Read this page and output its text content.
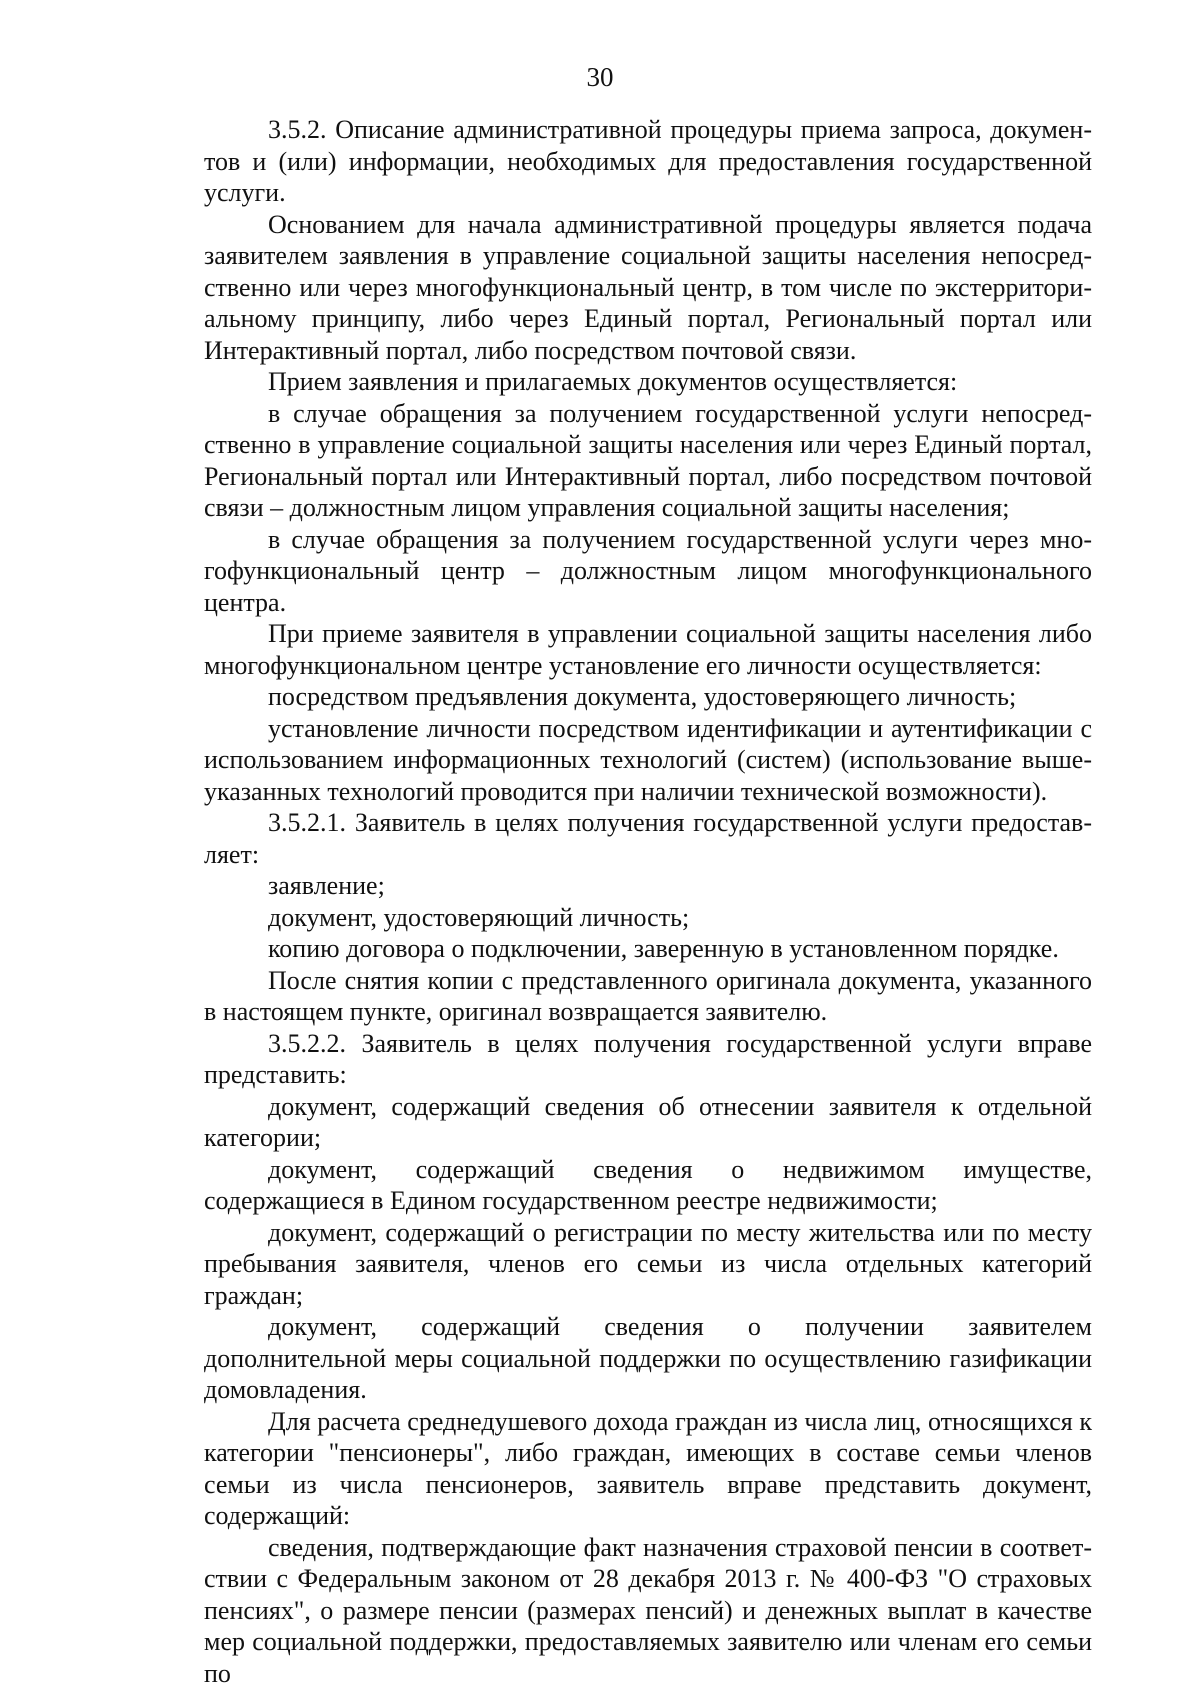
30

3.5.2. Описание административной процедуры приема запроса, документов и (или) информации, необходимых для предоставления государственной услуги.

Основанием для начала административной процедуры является подача заявителем заявления в управление социальной защиты населения непосредственно или через многофункциональный центр, в том числе по экстерриториальному принципу, либо через Единый портал, Региональный портал или Интерактивный портал, либо посредством почтовой связи.

Прием заявления и прилагаемых документов осуществляется:

в случае обращения за получением государственной услуги непосредственно в управление социальной защиты населения или через Единый портал, Региональный портал или Интерактивный портал, либо посредством почтовой связи – должностным лицом управления социальной защиты населения;

в случае обращения за получением государственной услуги через многофункциональный центр – должностным лицом многофункционального центра.

При приеме заявителя в управлении социальной защиты населения либо многофункциональном центре установление его личности осуществляется:

посредством предъявления документа, удостоверяющего личность;

установление личности посредством идентификации и аутентификации с использованием информационных технологий (систем) (использование вышеуказанных технологий проводится при наличии технической возможности).

3.5.2.1. Заявитель в целях получения государственной услуги предоставляет:

заявление;

документ, удостоверяющий личность;

копию договора о подключении, заверенную в установленном порядке.

После снятия копии с представленного оригинала документа, указанного в настоящем пункте, оригинал возвращается заявителю.

3.5.2.2. Заявитель в целях получения государственной услуги вправе представить:

документ, содержащий сведения об отнесении заявителя к отдельной категории;

документ, содержащий сведения о недвижимом имуществе, содержащиеся в Едином государственном реестре недвижимости;

документ, содержащий о регистрации по месту жительства или по месту пребывания заявителя, членов его семьи из числа отдельных категорий граждан;

документ, содержащий сведения о получении заявителем дополнительной меры социальной поддержки по осуществлению газификации домовладения.

Для расчета среднедушевого дохода граждан из числа лиц, относящихся к категории "пенсионеры", либо граждан, имеющих в составе семьи членов семьи из числа пенсионеров, заявитель вправе представить документ, содержащий:

сведения, подтверждающие факт назначения страховой пенсии в соответствии с Федеральным законом от 28 декабря 2013 г. № 400-ФЗ "О страховых пенсиях", о размере пенсии (размерах пенсий) и денежных выплат в качестве мер социальной поддержки, предоставляемых заявителю или членам его семьи по
